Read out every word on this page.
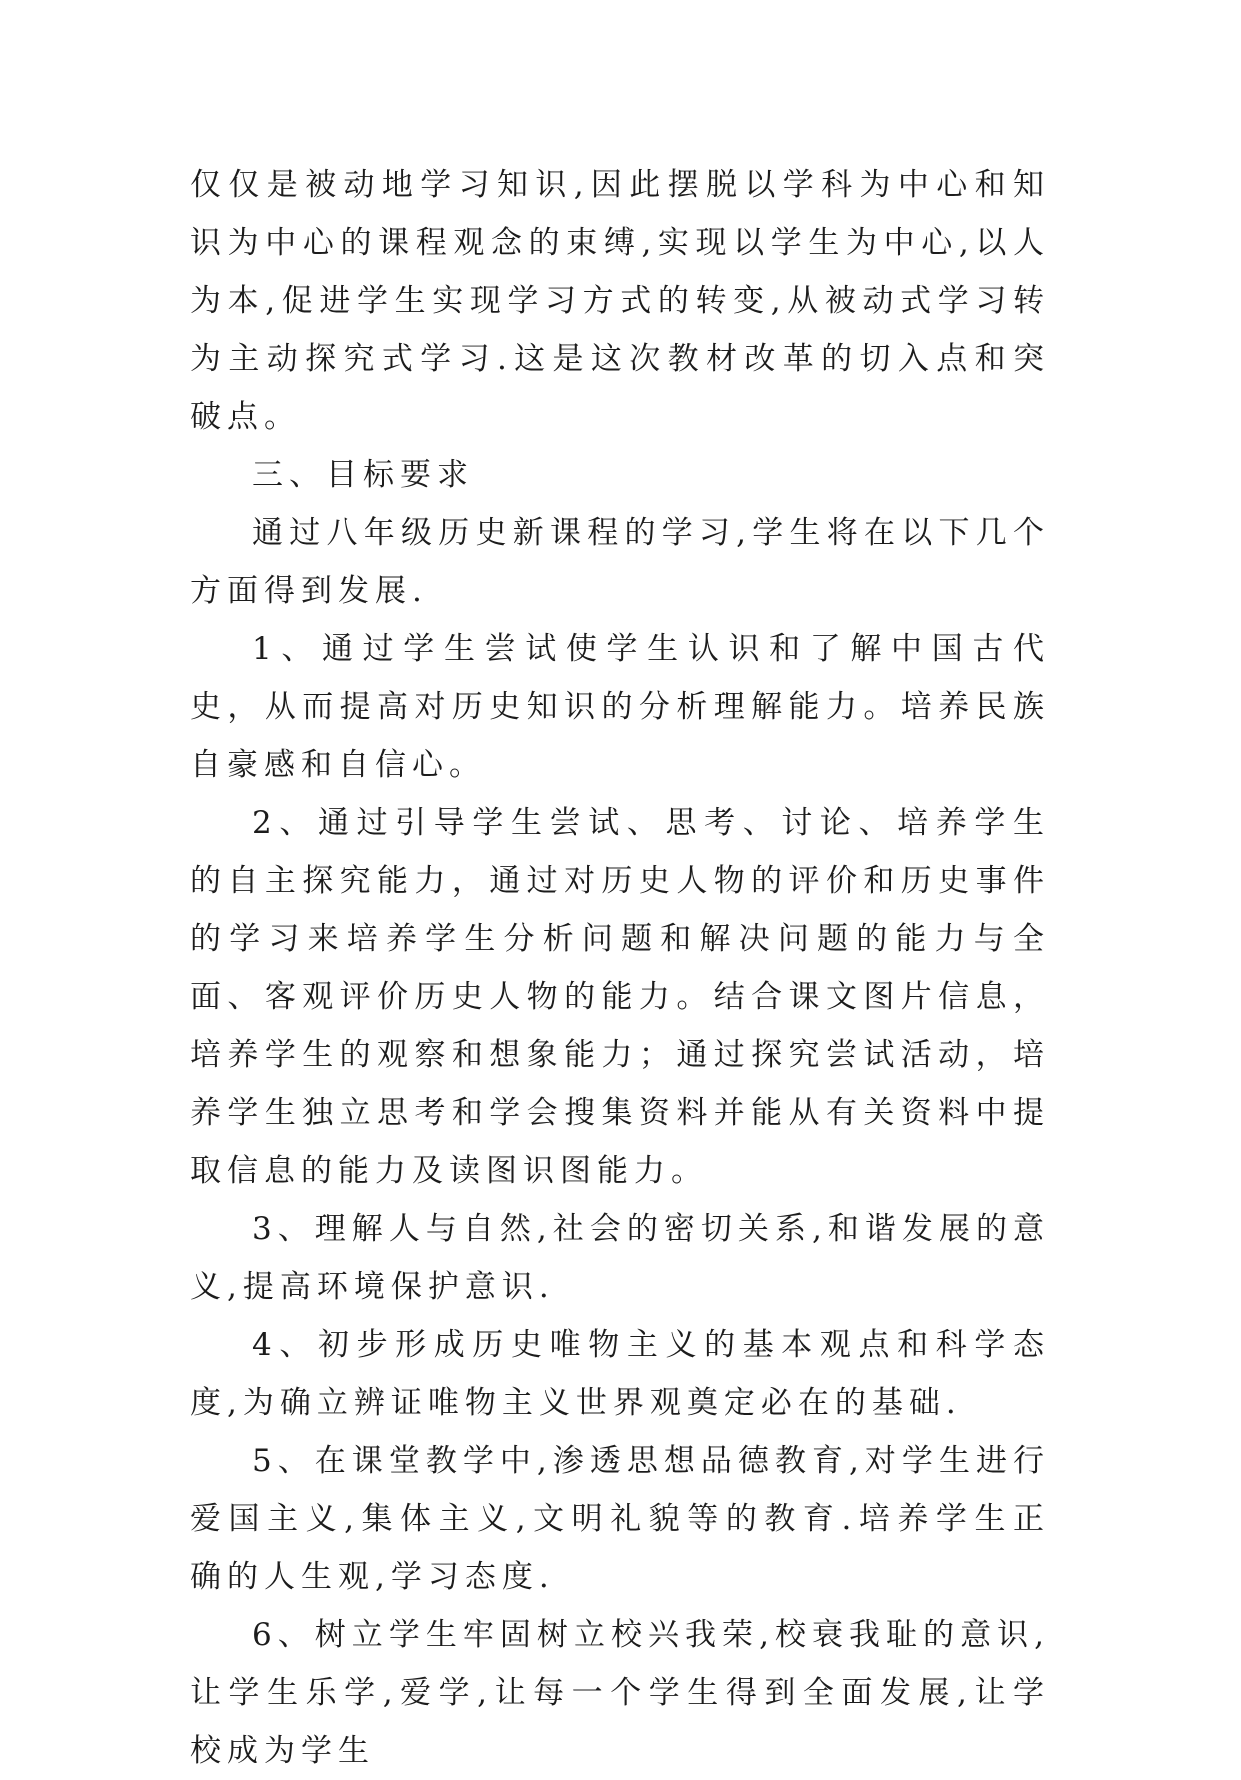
仅仅是被动地学习知识,因此摆脱以学科为中心和知识为中心的课程观念的束缚,实现以学生为中心,以人为本,促进学生实现学习方式的转变,从被动式学习转为主动探究式学习.这是这次教材改革的切入点和突破点。

三、目标要求

通过八年级历史新课程的学习,学生将在以下几个方面得到发展.

1、通过学生尝试使学生认识和了解中国古代史，从而提高对历史知识的分析理解能力。培养民族自豪感和自信心。

2、通过引导学生尝试、思考、讨论、培养学生的自主探究能力，通过对历史人物的评价和历史事件的学习来培养学生分析问题和解决问题的能力与全面、客观评价历史人物的能力。结合课文图片信息，培养学生的观察和想象能力；通过探究尝试活动，培养学生独立思考和学会搜集资料并能从有关资料中提取信息的能力及读图识图能力。

3、理解人与自然,社会的密切关系,和谐发展的意义,提高环境保护意识.

4、初步形成历史唯物主义的基本观点和科学态度,为确立辨证唯物主义世界观奠定必在的基础.

5、在课堂教学中,渗透思想品德教育,对学生进行爱国主义,集体主义,文明礼貌等的教育.培养学生正确的人生观,学习态度.

6、树立学生牢固树立校兴我荣,校衰我耻的意识,让学生乐学,爱学,让每一个学生得到全面发展,让学校成为学生
